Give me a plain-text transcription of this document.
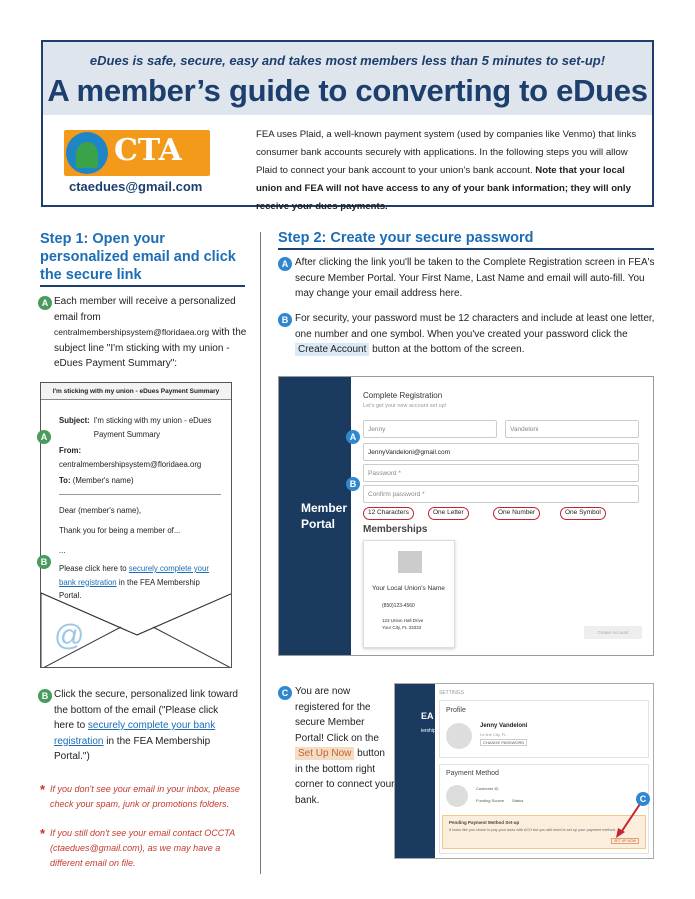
eDues is safe, secure, easy and takes most members less than 5 minutes to set-up!
A member’s guide to converting to eDues
CTA
ctaedues@gmail.com
FEA uses Plaid, a well-known payment system (used by companies like Venmo) that links consumer bank accounts securely with applications. In the following steps you will allow Plaid to connect your bank account to your union’s bank account. Note that your local union and FEA will not have access to any of your bank information; they will only receive your dues payments.
Step 1: Open your personalized email and click the secure link
A Each member will receive a personalized email from centralmembershipsystem@floridaea.org with the subject line "I'm sticking with my union - eDues Payment Summary":
I'm sticking with my union - eDues Payment Summary
Subject: I'm sticking with my union - eDues Payment Summary
From: centralmembershipsystem@floridaea.org
To: (Member's name)
Dear (member's name),
Thank you for being a member of...
...
Please click here to securely complete your bank registration in the FEA Membership Portal.
@
A
B
B Click the secure, personalized link toward the bottom of the email ("Please click here to securely complete your bank registration in the FEA Membership Portal.")
* If you don't see your email in your inbox, please check your spam, junk or promotions folders.
* If you still don't see your email contact OCCTA (ctaedues@gmail.com), as we may have a different email on file.
Step 2: Create your secure password
A After clicking the link you'll be taken to the Complete Registration screen in FEA's secure Member Portal. Your First Name, Last Name and email will auto-fill. You may change your email address here.
B For security, your password must be 12 characters and include at least one letter, one number and one symbol. When you've created your password click the Create Account button at the bottom of the screen.
Member Portal
Complete Registration
Let's get your new account set up!
Jenny	Vandeloni
JennyVandeloni@gmail.com
Password *
Confirm password *
12 Characters	One Letter	One Number	One Symbol
Memberships
Your Local Union's Name
(850)123-4560
123 Union Hall Drive
Your City, FL 33333
Create Account
A
B
C You are now registered for the secure Member Portal! Click on the Set Up Now button in the bottom right corner to connect your bank.
EA
iership
SETTINGS
Profile
Jenny Vandeloni
Le line City, FL
CHANGE PASSWORD
Payment Method
Customer ID
Funding Source Status
Pending Payment Method Set-up
It looks like you chose to pay your dues with ACH but you still need to set up your payment method.
SET UP NOW
C
